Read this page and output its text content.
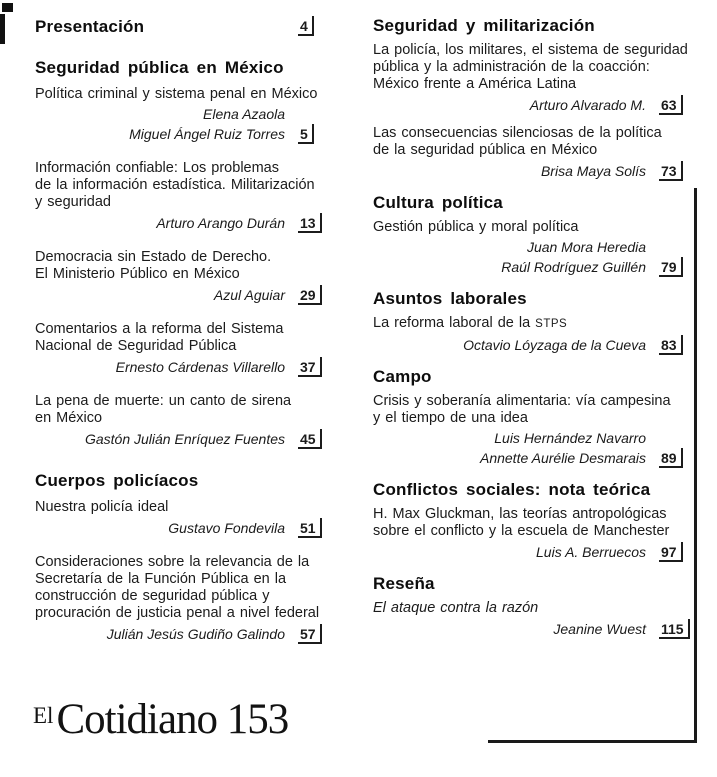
Presentación	4
Seguridad pública en México
Política criminal y sistema penal en México
Elena Azaola
Miguel Ángel Ruiz Torres 5
Información confiable: Los problemas
de la información estadística. Militarización
y seguridad
Arturo Arango Durán 13
Democracia sin Estado de Derecho.
El Ministerio Público en México
Azul Aguiar 29
Comentarios a la reforma del Sistema
Nacional de Seguridad Pública
Ernesto Cárdenas Villarello 37
La pena de muerte: un canto de sirena
en México
Gastón Julián Enríquez Fuentes 45
Cuerpos policíacos
Nuestra policía ideal
Gustavo Fondevila 51
Consideraciones sobre la relevancia de la
Secretaría de la Función Pública en la
construcción de seguridad pública y
procuración de justicia penal a nivel federal
Julián Jesús Gudiño Galindo 57
Seguridad y militarización
La policía, los militares, el sistema de seguridad
pública y la administración de la coacción:
México frente a América Latina
Arturo Alvarado M. 63
Las consecuencias silenciosas de la política
de la seguridad pública en México
Brisa Maya Solís 73
Cultura política
Gestión pública y moral política
Juan Mora Heredia
Raúl Rodríguez Guillén 79
Asuntos laborales
La reforma laboral de la STPS
Octavio Lóyzaga de la Cueva 83
Campo
Crisis y soberanía alimentaria: vía campesina
y el tiempo de una idea
Luis Hernández Navarro
Annette Aurélie Desmarais 89
Conflictos sociales: nota teórica
H. Max Gluckman, las teorías antropológicas
sobre el conflicto y la escuela de Manchester
Luis A. Berruecos 97
Reseña
El ataque contra la razón
Jeanine Wuest 115
El Cotidiano 153
